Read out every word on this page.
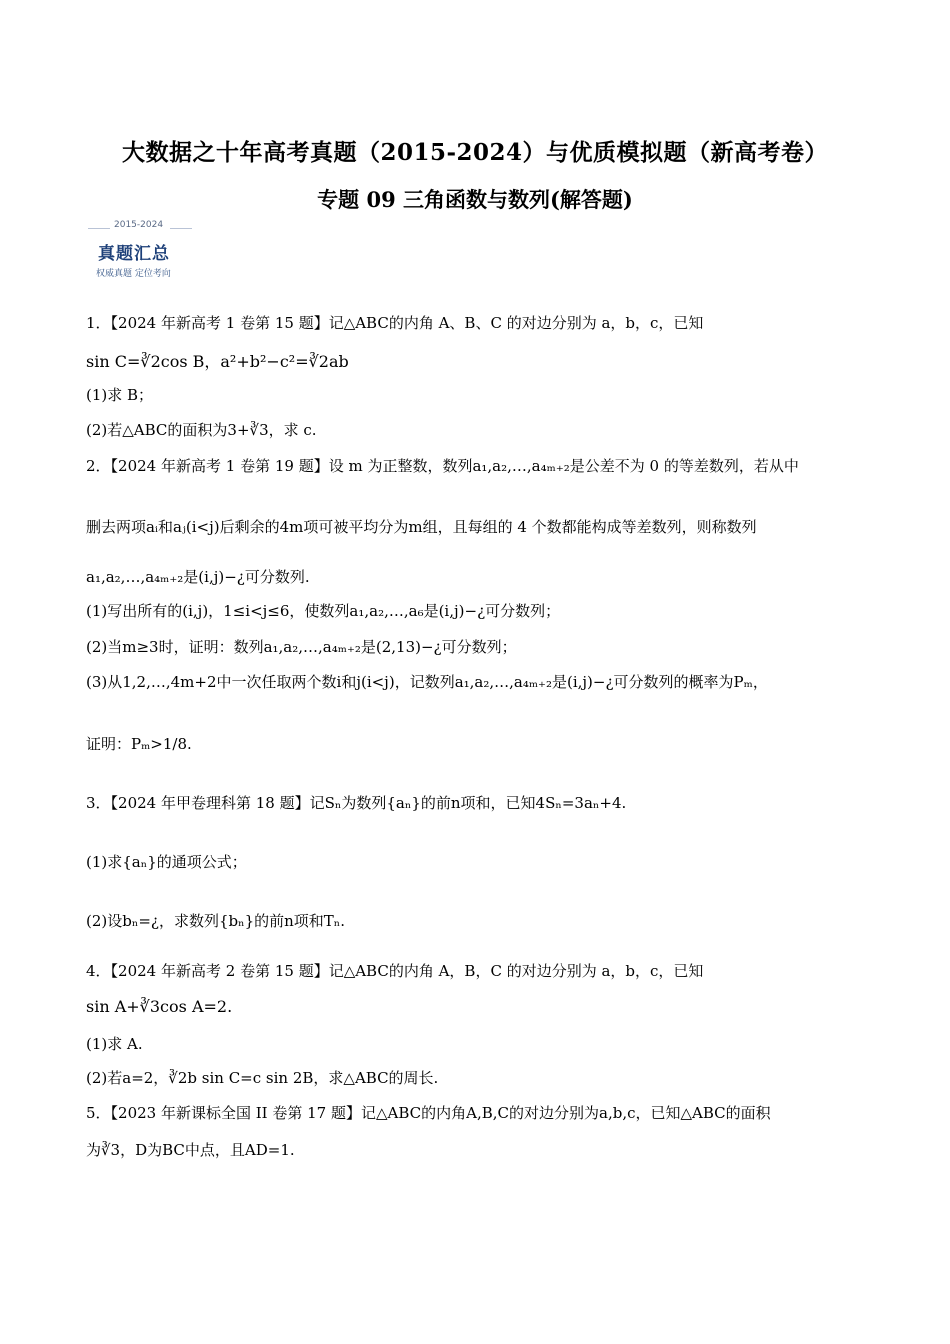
大数据之十年高考真题（2015-2024）与优质模拟题（新高考卷）
专题 09 三角函数与数列(解答题)
2015-2024
真题汇总
权威真题 定位考向
1．【2024 年新高考 1 卷第 15 题】记△ABC的内角 A、B、C 的对边分别为 a，b，c，已知
sin C=∛2cos B，a²+b²−c²=∛2ab
(1)求 B；
(2)若△ABC的面积为3+∛3，求 c.
2．【2024 年新高考 1 卷第 19 题】设 m 为正整数，数列a₁,a₂,…,a₄ₘ₊₂是公差不为 0 的等差数列，若从中
删去两项aᵢ和aⱼ(i<j)后剩余的4m项可被平均分为m组，且每组的 4 个数都能构成等差数列，则称数列
a₁,a₂,…,a₄ₘ₊₂是(i,j)−¿可分数列.
(1)写出所有的(i,j)，1≤i<j≤6，使数列a₁,a₂,…,a₆是(i,j)−¿可分数列；
(2)当m≥3时，证明：数列a₁,a₂,…,a₄ₘ₊₂是(2,13)−¿可分数列；
(3)从1,2,…,4m+2中一次任取两个数i和j(i<j)，记数列a₁,a₂,…,a₄ₘ₊₂是(i,j)−¿可分数列的概率为Pₘ，
证明：Pₘ>1/8.
3．【2024 年甲卷理科第 18 题】记Sₙ为数列{aₙ}的前n项和，已知4Sₙ=3aₙ+4.
(1)求{aₙ}的通项公式；
(2)设bₙ=¿，求数列{bₙ}的前n项和Tₙ.
4．【2024 年新高考 2 卷第 15 题】记△ABC的内角 A，B，C 的对边分别为 a，b，c，已知
sin A+∛3cos A=2.
(1)求 A.
(2)若a=2，∛2b sin C=c sin 2B，求△ABC的周长.
5．【2023 年新课标全国 II 卷第 17 题】记△ABC的内角A,B,C的对边分别为a,b,c，已知△ABC的面积
为∛3，D为BC中点，且AD=1.
